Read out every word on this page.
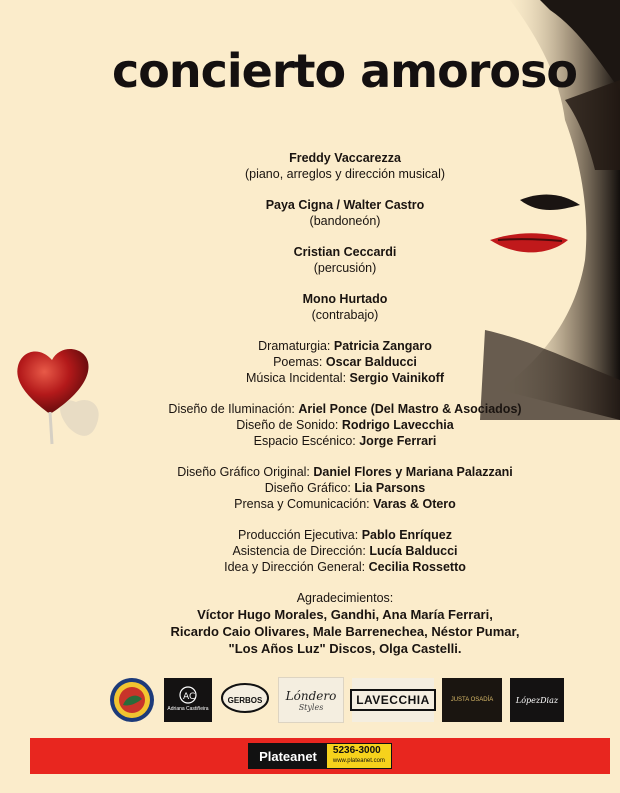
concierto amoroso

Freddy Vaccarezza

(piano, arreglos y dirección musical)

Paya Cigna / Walter Castro

(bandoneón)

Cristian Ceccardi

(percusión)

Mono Hurtado

(contrabajo)

Dramaturgia: Patricia Zangaro

Poemas: Oscar Balducci

Música Incidental: Sergio Vainikoff

Diseño de Iluminación: Ariel Ponce (Del Mastro & Asociados)

Diseño de Sonido: Rodrigo Lavecchia

Espacio Escénico: Jorge Ferrari

Diseño Gráfico Original: Daniel Flores y Mariana Palazzani

Diseño Gráfico: Lia Parsons

Prensa y Comunicación: Varas & Otero

Producción Ejecutiva: Pablo Enríquez

Asistencia de Dirección: Lucía Balducci

Idea y Dirección General: Cecilia Rossetto

Agradecimientos:

Víctor Hugo Morales, Gandhi, Ana María Ferrari,

Ricardo Caio Olivares, Male Barrenechea, Néstor Pumar,

"Los Años Luz" Discos, Olga Castelli.

AC
Adriana Castiñeira
GERBOS Lóndero
Styles	LAVECCHIA	JUSTA OSADÍA	LópezDiaz
Plateanet	5236-3000
www.plateanet.com
